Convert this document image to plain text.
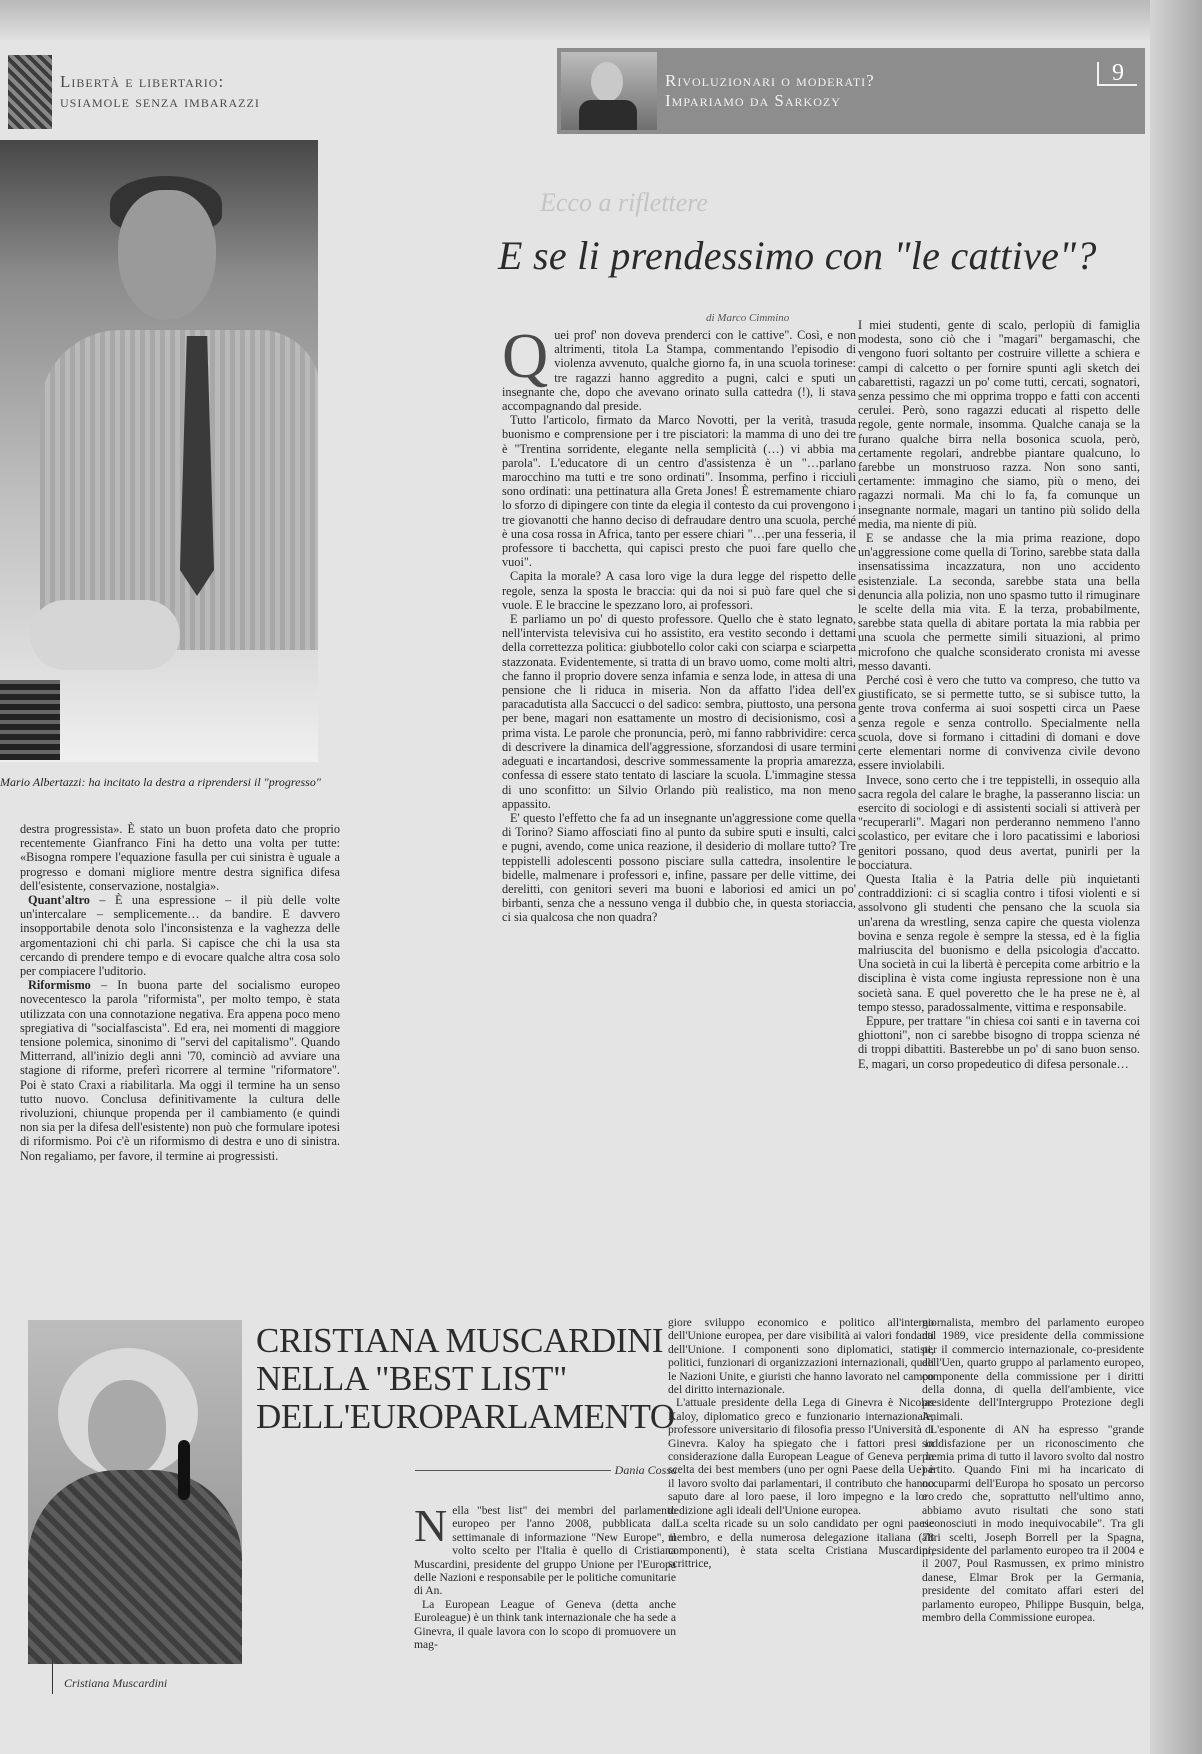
Libertà e libertario:
usiamole senza imbarazzi
Rivoluzionari o moderati?
Impariamo da Sarkozy
9
Mario Albertazzi: ha incitato la destra a riprendersi il "progresso"

destra progressista». È stato un buon profeta dato che proprio recentemente Gianfranco Fini ha detto una volta per tutte: «Bisogna rompere l'equazione fasulla per cui sinistra è uguale a progresso e domani migliore mentre destra significa difesa dell'esistente, conservazione, nostalgia».

Quant'altro – È una espressione – il più delle volte un'intercalare – semplicemente… da bandire. E davvero insopportabile denota solo l'inconsistenza e la vaghezza delle argomentazioni chi chi parla. Si capisce che chi la usa sta cercando di prendere tempo e di evocare qualche altra cosa solo per compiacere l'uditorio.

Riformismo – In buona parte del socialismo europeo novecentesco la parola "riformista", per molto tempo, è stata utilizzata con una connotazione negativa. Era appena poco meno spregiativa di "socialfascista". Ed era, nei momenti di maggiore tensione polemica, sinonimo di "servi del capitalismo". Quando Mitterrand, all'inizio degli anni '70, cominciò ad avviare una stagione di riforme, preferì ricorrere al termine "riformatore". Poi è stato Craxi a riabilitarla. Ma oggi il termine ha un senso tutto nuovo. Conclusa definitivamente la cultura delle rivoluzioni, chiunque propenda per il cambiamento (e quindi non sia per la difesa dell'esistente) non può che formulare ipotesi di riformismo. Poi c'è un riformismo di destra e uno di sinistra. Non regaliamo, per favore, il termine ai progressisti.

Ecco a riflettere
E se li prendessimo con "le cattive"?
di Marco Cimmino

Quei prof' non doveva prenderci con le cattive". Così, e non altrimenti, titola La Stampa, commentando l'episodio di violenza avvenuto, qualche giorno fa, in una scuola torinese: tre ragazzi hanno aggredito a pugni, calci e sputi un insegnante che, dopo che avevano orinato sulla cattedra (!), li stava accompagnando dal preside.

Tutto l'articolo, firmato da Marco Novotti, per la verità, trasuda buonismo e comprensione per i tre pisciatori: la mamma di uno dei tre è "Trentina sorridente, elegante nella semplicità (…) vi abbia ma parola". L'educatore di un centro d'assistenza è un "…parlano marocchino ma tutti e tre sono ordinati". Insomma, perfino i ricciuli sono ordinati: una pettinatura alla Greta Jones! È estremamente chiaro lo sforzo di dipingere con tinte da elegia il contesto da cui provengono i tre giovanotti che hanno deciso di defraudare dentro una scuola, perché è una cosa rossa in Africa, tanto per essere chiari "…per una fesseria, il professore ti bacchetta, qui capisci presto che puoi fare quello che vuoi".

Capita la morale? A casa loro vige la dura legge del rispetto delle regole, senza la sposta le braccia: qui da noi si può fare quel che si vuole. E le braccine le spezzano loro, ai professori.

E parliamo un po' di questo professore. Quello che è stato legnato, nell'intervista televisiva cui ho assistito, era vestito secondo i dettami della correttezza politica: giubbotello color caki con sciarpa e sciarpetta stazzonata. Evidentemente, si tratta di un bravo uomo, come molti altri, che fanno il proprio dovere senza infamia e senza lode, in attesa di una pensione che li riduca in miseria. Non da affatto l'idea dell'ex paracadutista alla Saccucci o del sadico: sembra, piuttosto, una persona per bene, magari non esattamente un mostro di decisionismo, così a prima vista. Le parole che pronuncia, però, mi fanno rabbrividire: cerca di descrivere la dinamica dell'aggressione, sforzandosi di usare termini adeguati e incartandosi, descrive sommessamente la propria amarezza, confessa di essere stato tentato di lasciare la scuola. L'immagine stessa di uno sconfitto: un Silvio Orlando più realistico, ma non meno appassito.

E' questo l'effetto che fa ad un insegnante un'aggressione come quella di Torino? Siamo affosciati fino al punto da subire sputi e insulti, calci e pugni, avendo, come unica reazione, il desiderio di mollare tutto? Tre teppistelli adolescenti possono pisciare sulla cattedra, insolentire le bidelle, malmenare i professori e, infine, passare per delle vittime, dei derelitti, con genitori severi ma buoni e laboriosi ed amici un po' birbanti, senza che a nessuno venga il dubbio che, in questa storiaccia, ci sia qualcosa che non quadra?

I miei studenti, gente di scalo, perlopiù di famiglia modesta, sono ciò che i "magari" bergamaschi, che vengono fuori soltanto per costruire villette a schiera e campi di calcetto o per fornire spunti agli sketch dei cabarettisti, ragazzi un po' come tutti, cercati, sognatori, senza pessimo che mi opprima troppo e fatti con accenti cerulei. Però, sono ragazzi educati al rispetto delle regole, gente normale, insomma. Qualche canaja se la furano qualche birra nella bosonica scuola, però, certamente regolari, andrebbe piantare qualcuno, lo farebbe un monstruoso razza. Non sono santi, certamente: immagino che siamo, più o meno, dei ragazzi normali. Ma chi lo fa, fa comunque un insegnante normale, magari un tantino più solido della media, ma niente di più.

E se andasse che la mia prima reazione, dopo un'aggressione come quella di Torino, sarebbe stata dalla insensatissima incazzatura, non uno accidento esistenziale. La seconda, sarebbe stata una bella denuncia alla polizia, non uno spasmo tutto il rimuginare le scelte della mia vita. E la terza, probabilmente, sarebbe stata quella di abitare portata la mia rabbia per una scuola che permette simili situazioni, al primo microfono che qualche sconsiderato cronista mi avesse messo davanti.

Perché così è vero che tutto va compreso, che tutto va giustificato, se si permette tutto, se si subisce tutto, la gente trova conferma ai suoi sospetti circa un Paese senza regole e senza controllo. Specialmente nella scuola, dove si formano i cittadini di domani e dove certe elementari norme di convivenza civile devono essere inviolabili.

Invece, sono certo che i tre teppistelli, in ossequio alla sacra regola del calare le braghe, la passeranno liscia: un esercito di sociologi e di assistenti sociali si attiverà per "recuperarli". Magari non perderanno nemmeno l'anno scolastico, per evitare che i loro pacatissimi e laboriosi genitori possano, quod deus avertat, punirli per la bocciatura.

Questa Italia è la Patria delle più inquietanti contraddizioni: ci si scaglia contro i tifosi violenti e si assolvono gli studenti che pensano che la scuola sia un'arena da wrestling, senza capire che questa violenza bovina e senza regole è sempre la stessa, ed è la figlia malriuscita del buonismo e della psicologia d'accatto. Una società in cui la libertà è percepita come arbitrio e la disciplina è vista come ingiusta repressione non è una società sana. E quel poveretto che le ha prese ne è, al tempo stesso, paradossalmente, vittima e responsabile.

Eppure, per trattare "in chiesa coi santi e in taverna coi ghiottoni", non ci sarebbe bisogno di troppa scienza né di troppi dibattiti. Basterebbe un po' di sano buon senso. E, magari, un corso propedeutico di difesa personale…

Cristiana Muscardini
CRISTIANA MUSCARDINI
NELLA "BEST LIST"
DELL'EUROPARLAMENTO
Dania Cossa

Nella "best list" dei membri del parlamento europeo per l'anno 2008, pubblicata dal settimanale di informazione "New Europe", il volto scelto per l'Italia è quello di Cristiana Muscardini, presidente del gruppo Unione per l'Europa delle Nazioni e responsabile per le politiche comunitarie di An.

La European League of Geneva (detta anche Euroleague) è un think tank internazionale che ha sede a Ginevra, il quale lavora con lo scopo di promuovere un mag-

giore sviluppo economico e politico all'interno dell'Unione europea, per dare visibilità ai valori fondanti dell'Unione. I componenti sono diplomatici, statisti, politici, funzionari di organizzazioni internazionali, quali le Nazioni Unite, e giuristi che hanno lavorato nel campo del diritto internazionale.

L'attuale presidente della Lega di Ginevra è Nicolas Kaloy, diplomatico greco e funzionario internazionale, professore universitario di filosofia presso l'Università di Ginevra. Kaloy ha spiegato che i fattori presi in considerazione dalla European League of Geneva per la scelta dei best members (uno per ogni Paese della Ue) è il lavoro svolto dai parlamentari, il contributo che hanno saputo dare al loro paese, il loro impegno e la loro dedizione agli ideali dell'Unione europea.

La scelta ricade su un solo candidato per ogni paese membro, e della numerosa delegazione italiana (78 componenti), è stata scelta Cristiana Muscardini, scrittrice,

giornalista, membro del parlamento europeo dal 1989, vice presidente della commissione per il commercio internazionale, co-presidente dell'Uen, quarto gruppo al parlamento europeo, componente della commissione per i diritti della donna, di quella dell'ambiente, vice presidente dell'Intergruppo Protezione degli Animali.

L'esponente di AN ha espresso "grande soddisfazione per un riconoscimento che premia prima di tutto il lavoro svolto dal nostro partito. Quando Fini mi ha incaricato di occuparmi dell'Europa ho sposato un percorso e credo che, soprattutto nell'ultimo anno, abbiamo avuto risultati che sono stati riconosciuti in modo inequivocabile". Tra gli altri scelti, Joseph Borrell per la Spagna, presidente del parlamento europeo tra il 2004 e il 2007, Poul Rasmussen, ex primo ministro danese, Elmar Brok per la Germania, presidente del comitato affari esteri del parlamento europeo, Philippe Busquin, belga, membro della Commissione europea.
